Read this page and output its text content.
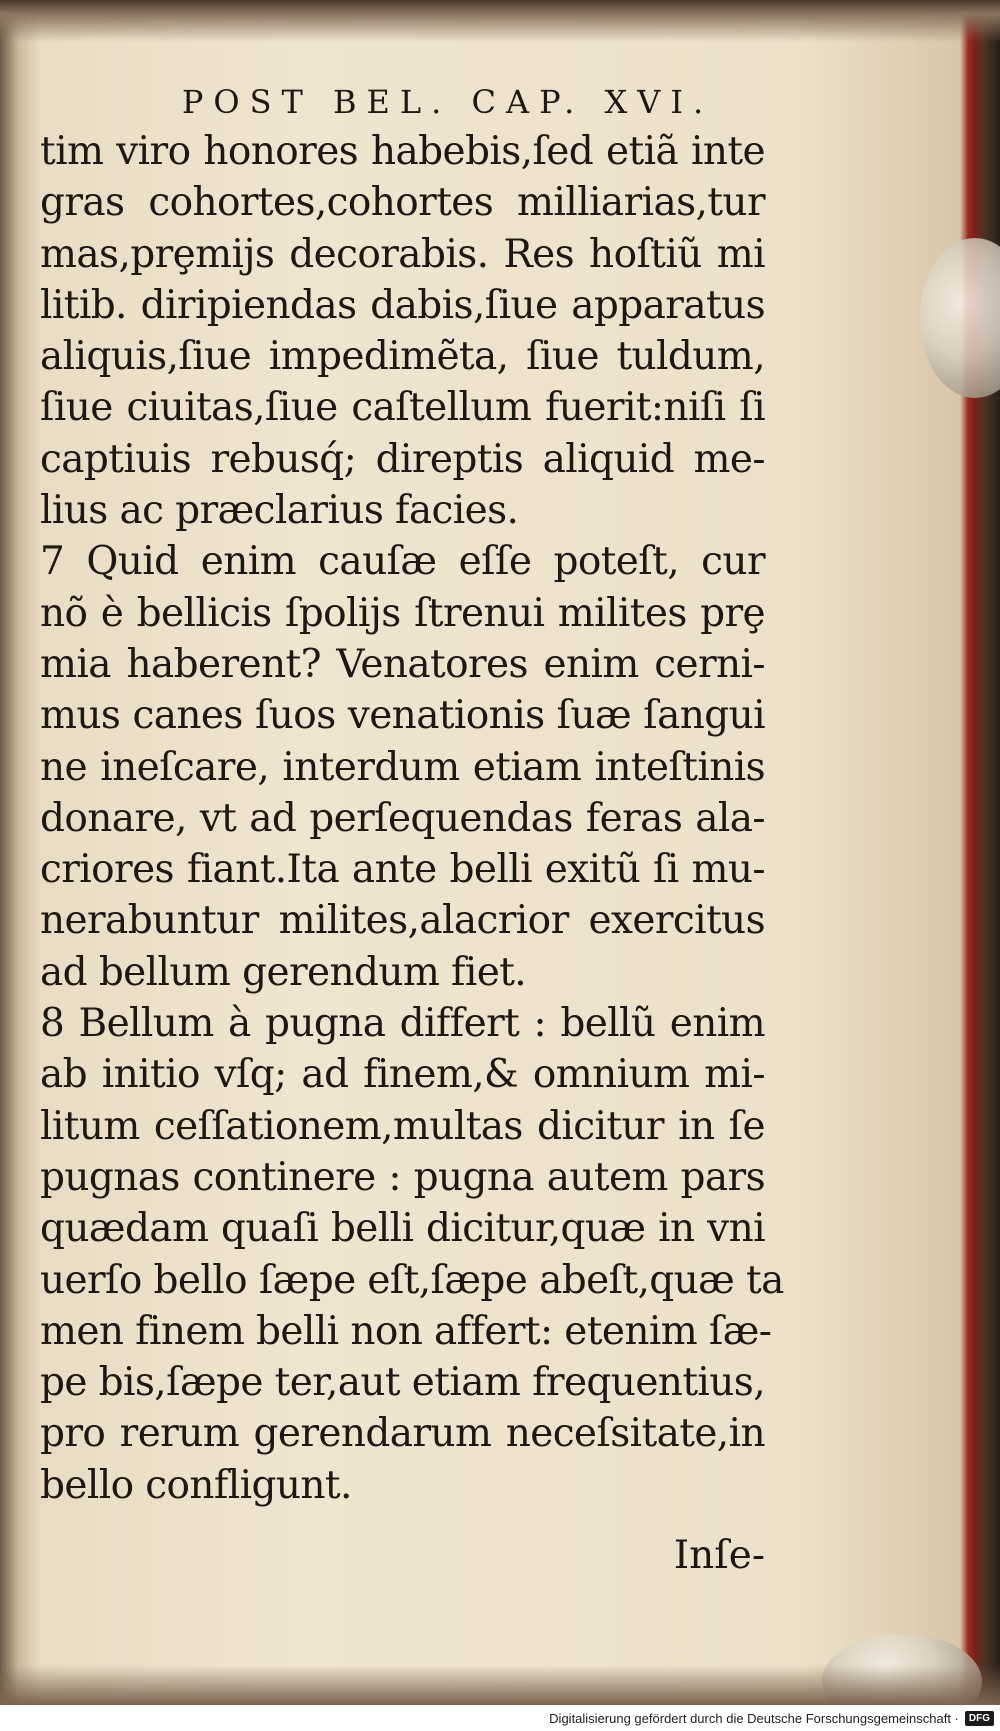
POST BEL. CAP. XVI.
tim viro honores habebis,ſed etiã inte
gras cohortes,cohortes milliarias,tur
mas,prȩmijs decorabis. Res hoſtiũ mi
litib. diripiendas dabis,ſiue apparatus
aliquis,ſiue impedimẽta, ſiue tuldum,
ſiue ciuitas,ſiue caſtellum fuerit:niſi ſi
captiuis rebusq́; direptis aliquid me-
lius ac præclarius facies.
7 Quid enim cauſæ eſſe poteſt, cur
nõ è bellicis ſpolijs ſtrenui milites prȩ
mia haberent? Venatores enim cerni-
mus canes ſuos venationis ſuæ ſangui
ne ineſcare, interdum etiam inteſtinis
donare, vt ad perſequendas feras ala-
criores fiant.Ita ante belli exitũ ſi mu-
nerabuntur milites,alacrior exercitus
ad bellum gerendum fiet.
8 Bellum à pugna differt : bellũ enim
ab initio vſq; ad finem,& omnium mi-
litum ceſſationem,multas dicitur in ſe
pugnas continere : pugna autem pars
quædam quaſi belli dicitur,quæ in vni
uerſo bello ſæpe eſt,ſæpe abeſt,quæ ta
men finem belli non affert: etenim ſæ-
pe bis,ſæpe ter,aut etiam frequentius,
pro rerum gerendarum neceſsitate,in
bello confligunt.
Inſe-
Digitalisierung gefördert durch die Deutsche Forschungsgemeinschaft ·	DFG
